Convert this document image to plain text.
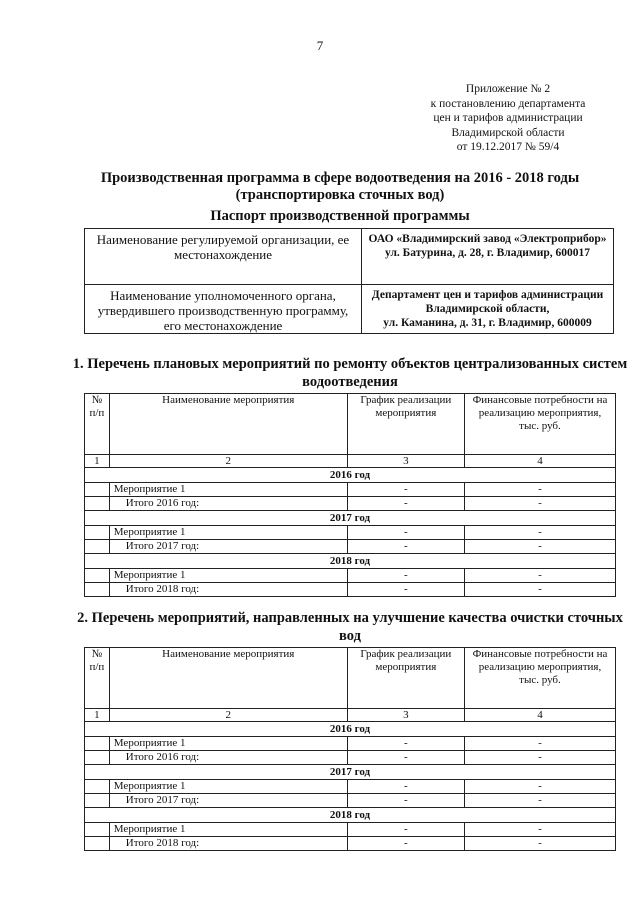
7
Приложение № 2
к постановлению департамента
цен и тарифов администрации
Владимирской области
от 19.12.2017 № 59/4
Производственная программа в сфере водоотведения на 2016 - 2018 годы
(транспортировка сточных вод)
Паспорт производственной программы
Наименование регулируемой организации, ее местонахождение	ОАО «Владимирский завод «Электроприбор»
ул. Батурина, д. 28, г. Владимир, 600017

Наименование уполномоченного органа, утвердившего производственную программу, его местонахождение	Департамент цен и тарифов администрации Владимирской области,
ул. Каманина, д. 31, г. Владимир, 600009
1. Перечень плановых мероприятий по ремонту объектов централизованных систем водоотведения
№ п/п	Наименование мероприятия	График реализации мероприятия	Финансовые потребности на реализацию мероприятия, тыс. руб.
1	2	3	4
2016 год			
	Мероприятие 1	-	-
	Итого 2016 год:	-	-
2017 год			
	Мероприятие 1	-	-
	Итого 2017 год:	-	-
2018 год			
	Мероприятие 1	-	-
	Итого 2018 год:	-	-
2. Перечень мероприятий, направленных на улучшение качества очистки сточных вод
№ п/п	Наименование мероприятия	График реализации мероприятия	Финансовые потребности на реализацию мероприятия, тыс. руб.
1	2	3	4
2016 год			
	Мероприятие 1	-	-
	Итого 2016 год:	-	-
2017 год			
	Мероприятие 1	-	-
	Итого 2017 год:	-	-
2018 год			
	Мероприятие 1	-	-
	Итого 2018 год:	-	-
